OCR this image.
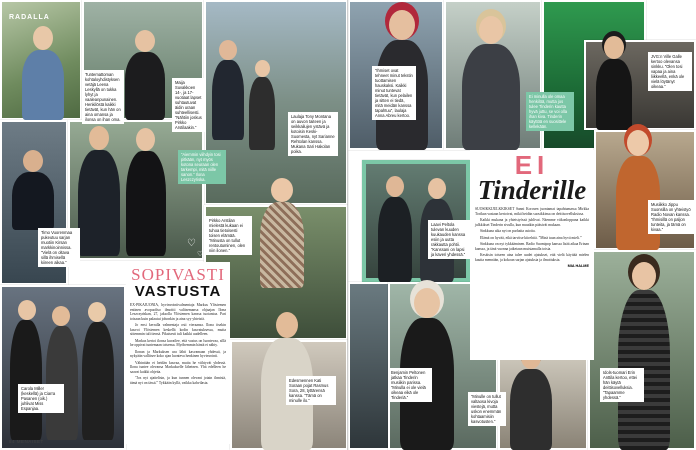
RADALLA
♡
♡
Tuntemattoman kohtaloyhdistyksen vetäjä Leena Leskyllä on tukka lyhyt ja vaaleanpunainen. Henkilöstä kaikki tietävät, kun hän on aina omansa ja ilonsa on ihan oma.
Maija Suvakkoen 14-, ja 17-vuotiaat lapset suhtautuvat äidin uraan suhteellisesti. ”Nähtiin joskus Pirkko Arstilaakin.”
Laulaja Tony Montana on auvon taiteen ja seikkailujen ystävä ja kotoisin Keski-Suomesta, nyt Sarianne Rehtolan kanssa. Mukana Sari Hakolan poika.
”Aiemmin viihdyin tosi pitkään, nyt myös kotona seuraan olen tarkempi, mitä niille sanon.” Ilona Leszczyńska.
Timo Vuorenmaa pukeutuu sarjan muotiin Kirsan markkinoinnissa. ”Vielä on oltava sillä ihmisellä kiireen aikaa.”
Pirkko Arstilan mielestä kukaan ei tuhoa tietoisesti toisen elämää. ”Minusta on tullut rentoutuminen, olen niin ilonen.”
Carola Miller (keskellä) ja Ciarra Pasanen (oik.) juhlivat Miss Espanjaa.
Edesmennen Kati Soraan pojat Rasmus Sora, 28, tyttärensä kanssa. ”Tämä on minulle ilo.”
SOPIVASTI
VASTUSTA

EX-PIKAJUONIA, hyvinvointivalmentaja Markus Ylösiemen entinen avopuoliso ilmoitti valitsemansa ohjaajan Ilona Leszczyńskan, 27, jaksolla Ylösiemen kanssa tuotantoa. Pari toisaan kuin palautui johonkin ja aina syy yhteistä.

Jo ensi kerralla valmentaja osti vieraansa. Ilona itsekin kasvoi Ylösiemen keskellä kodin kasvatuksessa, mutta sittemmin tuli tiensä. Pikaisesti tuli kaikki uudelleen.

Markus kertoi ilonsa kuvailee, että vastus on luontevaa, sillä he oppivat tuntemaan toisensa. Myöhemmin häntä ei nähty.

Ilonan ja Markuksen ura lähti kasvamaan yhdessä, ja nykyään vallitsee koko ajan luonteva henkinen hyvinvointi.

Vähintään ei heidän kasvaa, mutta he viihtyvät yhdessä. Ilona tuntee olevansa Markukselle läheinen. Yhä edelleen he saavat kaikki ohjeita.

”Jos nyt ajattelisin, ja kun tunnen olevani jotain ihmistä, tämä nyt on tässä.” Tykkään kyllä, vaikka kahvilasta.

84 MENAISET
”Ihmiset ovat tehneet minut tekstin tuottamisen hauskaksi. Kaikki minut tuntevat tietävät, kun pelailen ja sitten ei tiedä, mitä meidän kanssa tapahtuu”, laulaja Anna Abreu kertoo.
Ei minulla ole omaa henkilöä, mutta jos tulee Tinderin kautta hyvä juttu, se voi olla ihan kiva. Tinderin käyttöä en suosittele kellekään.
JVG:n Ville Galle kertoo olevansa sinkku. ”Olen tosi vapaa ja aina liikkeellä, enkä ole vielä löytänyt oikeaa.”
Laavi Peltola tulevan kuuden kuukauden kanssa esiin ja uutta rakkautta pohtii. ”Kanssani on lapsi ja kaveri yhdessä.”
Musiikko Jippu Suonsilla on yhteistyö Radio Novan kanssa. ”Ihmisillä on paljon tunteita, ja tämä on kivaa.”
Benjamin Peltonen jatkaa Tinderin musiikin parissa. ”Minulla ei ole vielä oikeaa eikä ole Tinderiä.”	”Minulle on tullut valtaosa kivoja viestejä, mutta uskon enemmän kohtaamisiin kasvotusten.”
Idols-tuomari Erin Anttila kertoo, ettei hän käytä deittisovelluksia. ”Tapaamme yhdessä.”
EI
Tinderille

SUOSIKKIJULKKIKSET Sanni Korosen juontamat tapahtumassa Mirkka Torikan vastaan kertoivat, mikä heidän suosikkinsa on deittisovelluksissa.

Kaikki mukana ja yhteistyössä juhlivat. Näemme viikonloppuna kaikki julkkikset Tinderin sivulla, kun muutkin pääsivät mukaan.

Sinkkuna aika nyt on parhaita asioita.

Elämä on hyvää, eikä tarvitse kiirehtiä. ”Minä tuun aina hyvä mieli.”

Sinkkuna on nyt tykkääminen. Radio Suomipop kanssa lisää aikaa Erinan kanssa, ja tänä vuonna jatketaan muistamalla toisia.

Kesäisin toiseen aina tulee uudet ajatukset, että vielä käyttää mielen kautta mennään, ja kokoan sarjan ajatuksia ja ilmoituksia.

MIA HALME
